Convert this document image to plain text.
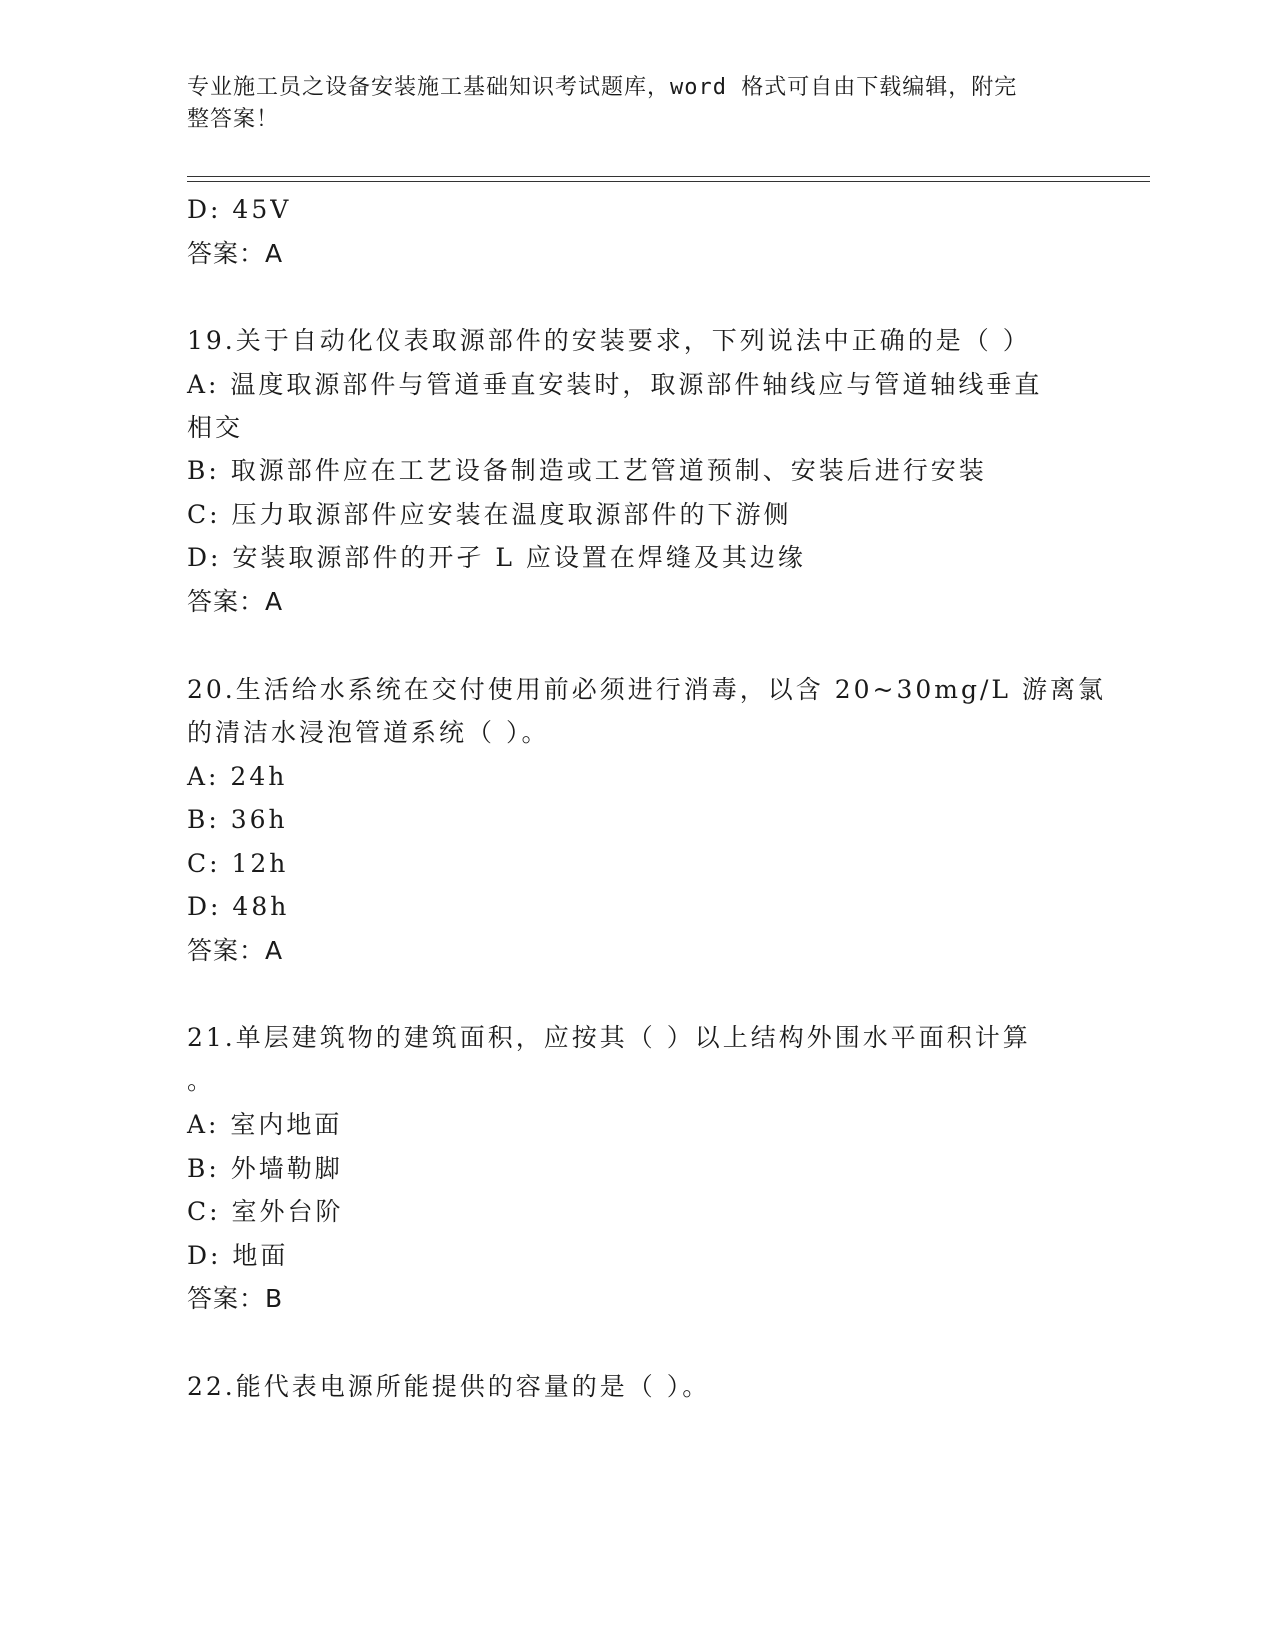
专业施工员之设备安装施工基础知识考试题库，word 格式可自由下载编辑，附完
整答案！
D: 45V
答案：A
19.关于自动化仪表取源部件的安装要求，下列说法中正确的是（ ）
A: 温度取源部件与管道垂直安装时，取源部件轴线应与管道轴线垂直
相交
B: 取源部件应在工艺设备制造或工艺管道预制、安装后进行安装
C: 压力取源部件应安装在温度取源部件的下游侧
D: 安装取源部件的开孑 L 应设置在焊缝及其边缘
答案：A
20.生活给水系统在交付使用前必须进行消毒，以含 20~30mg/L 游离氯
的清洁水浸泡管道系统（ ）。
A: 24h
B: 36h
C: 12h
D: 48h
答案：A
21.单层建筑物的建筑面积，应按其（ ）以上结构外围水平面积计算
。
A: 室内地面
B: 外墙勒脚
C: 室外台阶
D: 地面
答案：B
22.能代表电源所能提供的容量的是（ ）。
